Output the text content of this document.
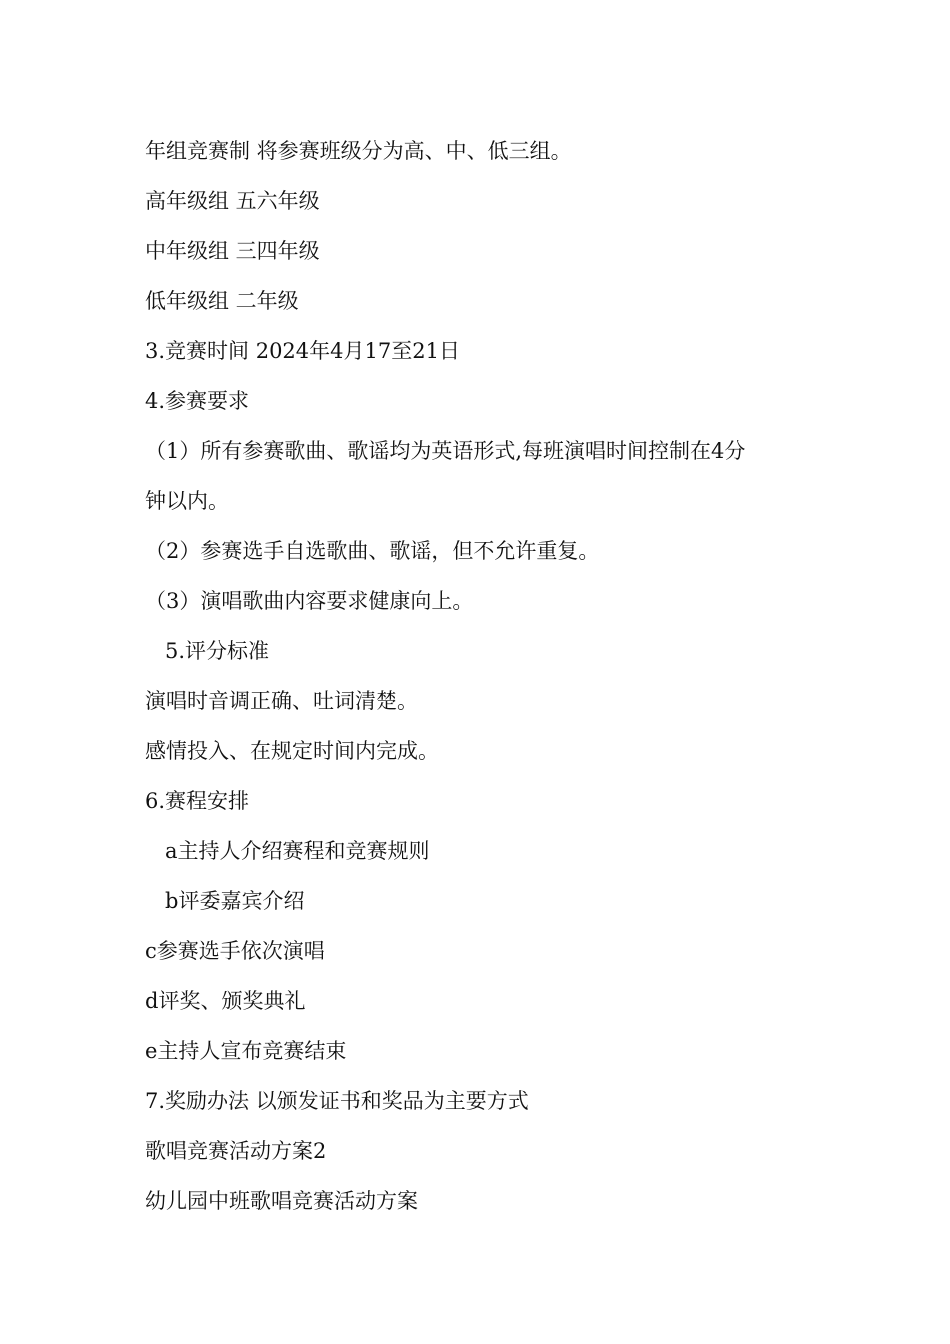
年组竞赛制 将参赛班级分为高、中、低三组。

高年级组 五六年级

中年级组 三四年级

低年级组 二年级

3.竞赛时间 2024年4月17至21日

4.参赛要求

（1）所有参赛歌曲、歌谣均为英语形式,每班演唱时间控制在4分

钟以内。

（2）参赛选手自选歌曲、歌谣，但不允许重复。

（3）演唱歌曲内容要求健康向上。

5.评分标准

演唱时音调正确、吐词清楚。

感情投入、在规定时间内完成。

6.赛程安排

a主持人介绍赛程和竞赛规则

b评委嘉宾介绍

c参赛选手依次演唱

d评奖、颁奖典礼

e主持人宣布竞赛结束

7.奖励办法 以颁发证书和奖品为主要方式

歌唱竞赛活动方案2

幼儿园中班歌唱竞赛活动方案
